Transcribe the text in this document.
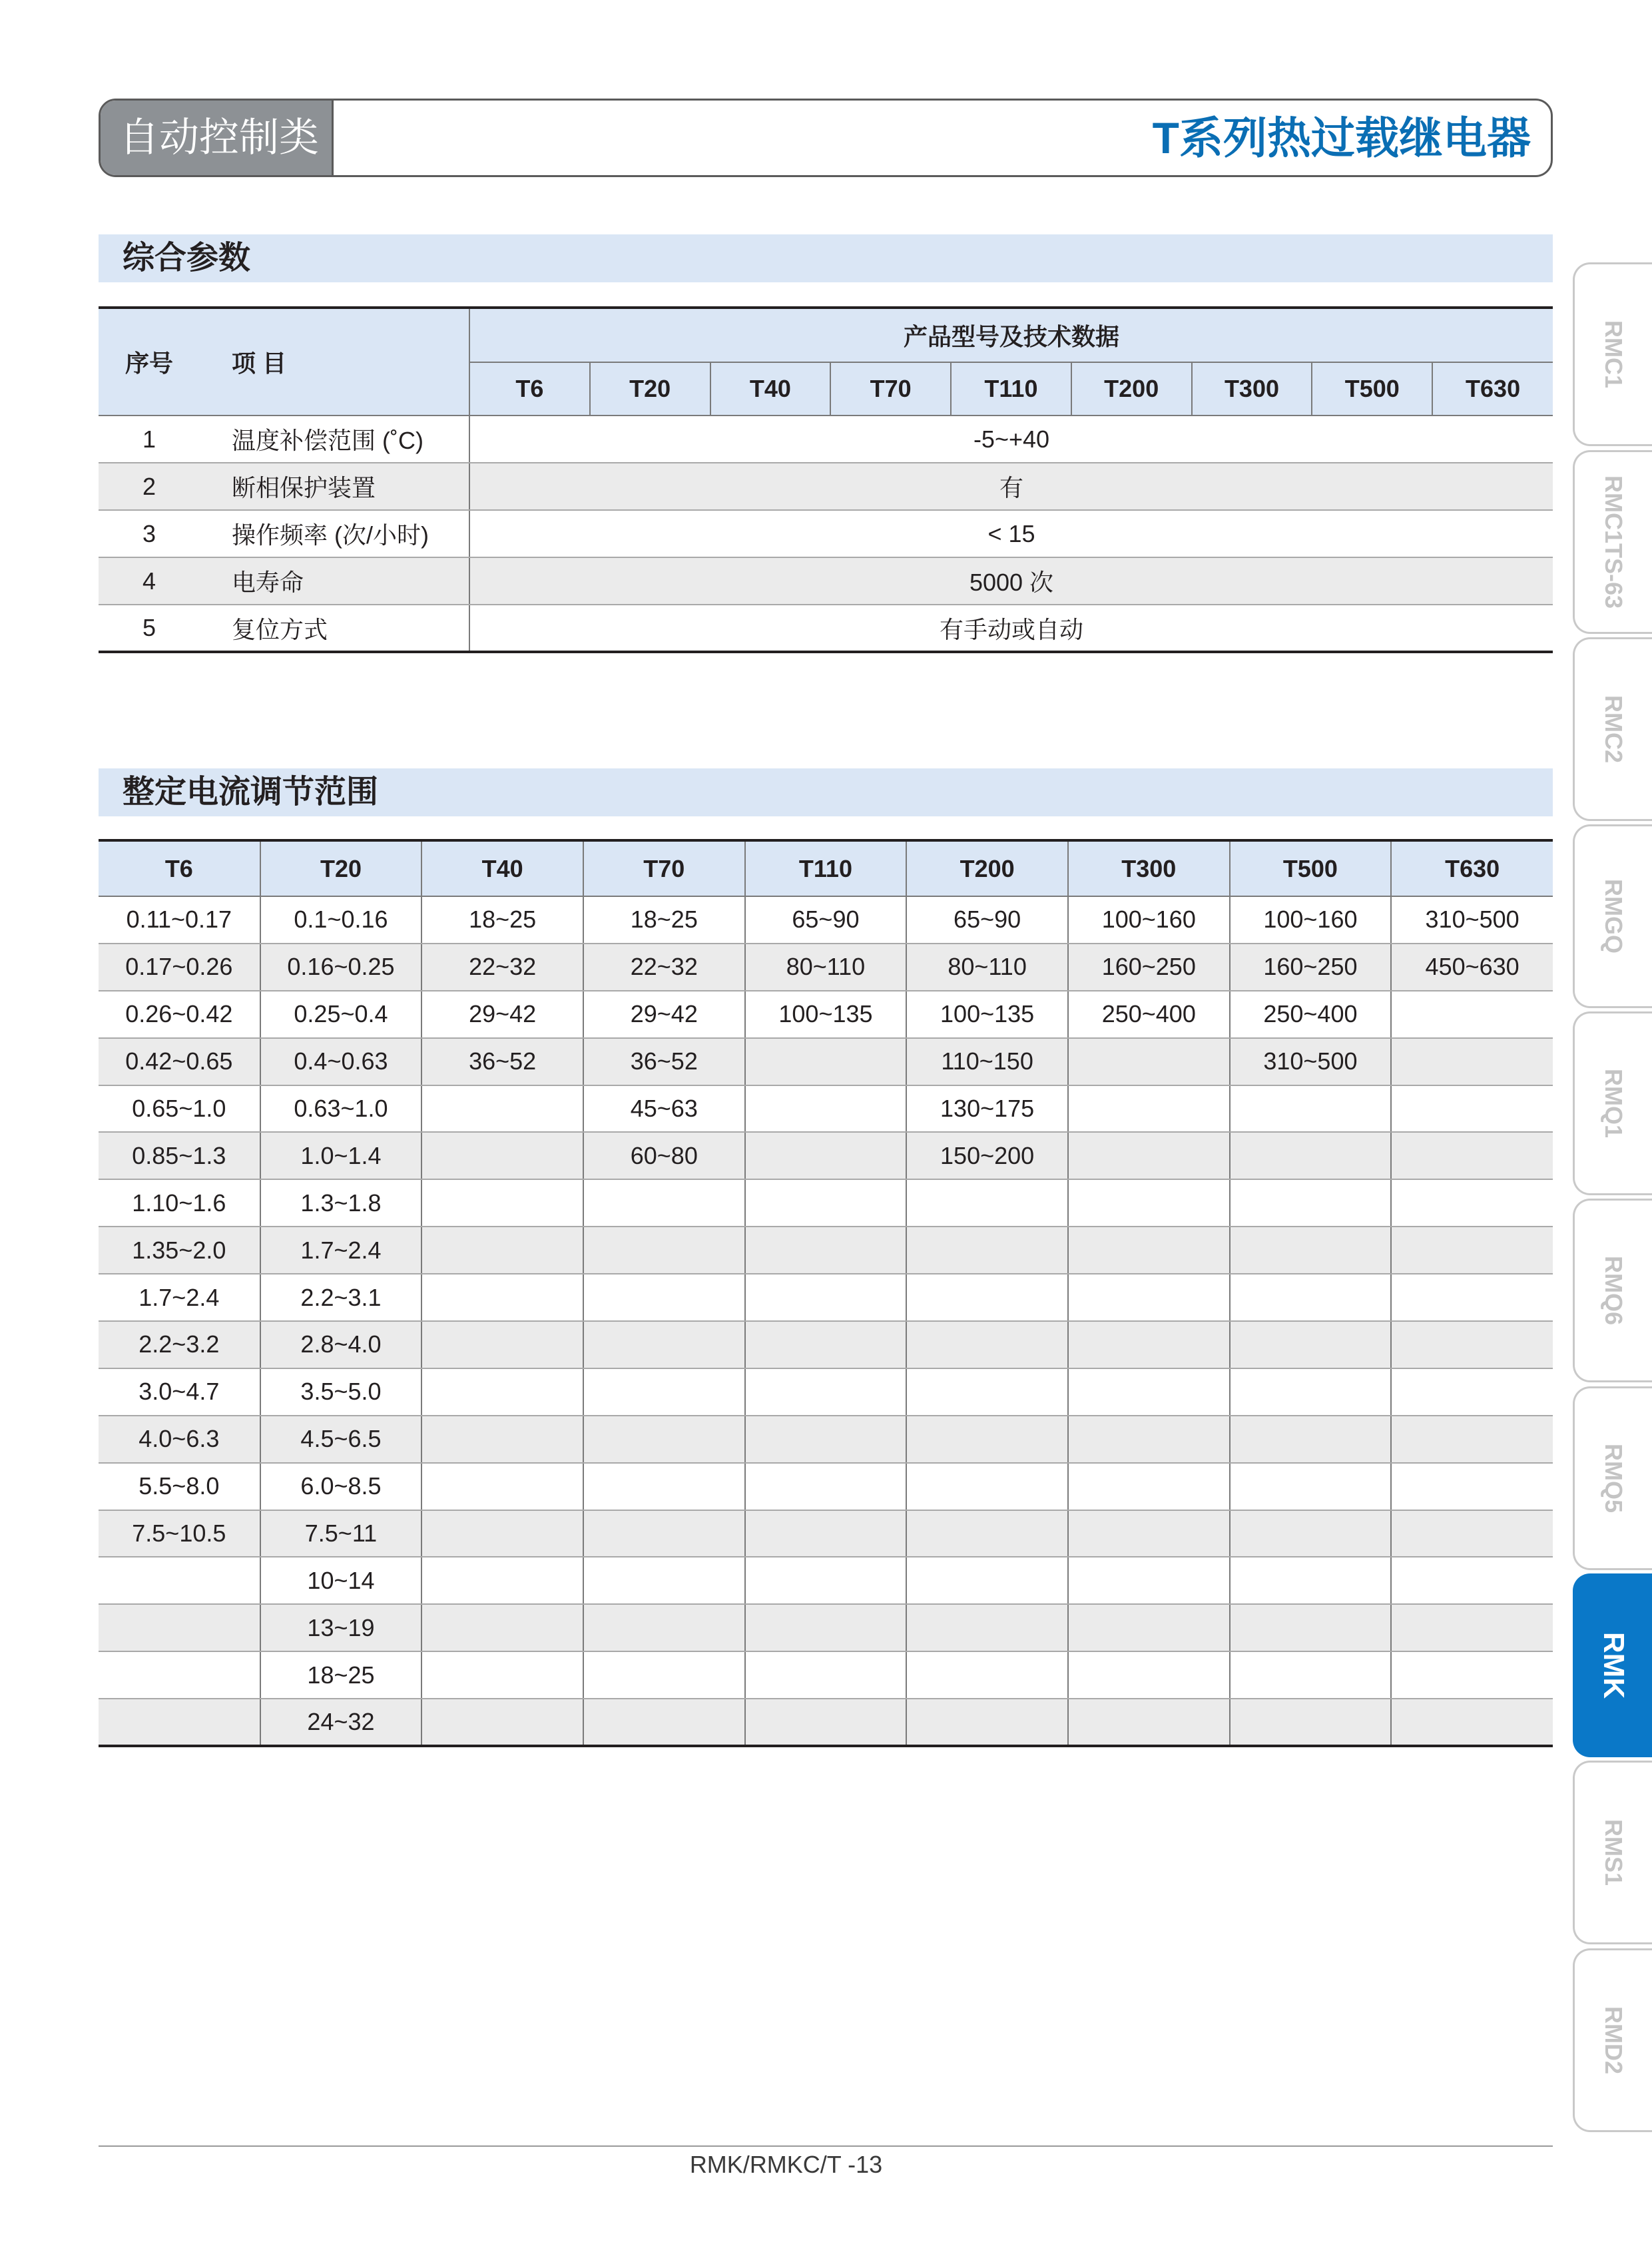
自动控制类	T系列热过载继电器
综合参数
序号	项 目	产品型号及技术数据								
		T6	T20	T40	T70	T110	T200	T300	T500	T630
1	温度补偿范围 (˚C)	-5~+40								
2	断相保护装置	有								
3	操作频率 (次/小时)	< 15								
4	电寿命	5000 次								
5	复位方式	有手动或自动								
整定电流调节范围
T6	T20	T40	T70	T110	T200	T300	T500	T630
0.11~0.17	0.1~0.16	18~25	18~25	65~90	65~90	100~160	100~160	310~500
0.17~0.26	0.16~0.25	22~32	22~32	80~110	80~110	160~250	160~250	450~630
0.26~0.42	0.25~0.4	29~42	29~42	100~135	100~135	250~400	250~400	
0.42~0.65	0.4~0.63	36~52	36~52		110~150		310~500	
0.65~1.0	0.63~1.0		45~63		130~175			
0.85~1.3	1.0~1.4		60~80		150~200			
1.10~1.6	1.3~1.8							
1.35~2.0	1.7~2.4							
1.7~2.4	2.2~3.1							
2.2~3.2	2.8~4.0							
3.0~4.7	3.5~5.0							
4.0~6.3	4.5~6.5							
5.5~8.0	6.0~8.5							
7.5~10.5	7.5~11							
	10~14							
	13~19							
	18~25							
	24~32							
RMC1
RMC1TS-63
RMC2
RMGQ
RMQ1
RMQ6
RMQ5
RMK
RMS1
RMD2
RMK/RMKC/T -13
